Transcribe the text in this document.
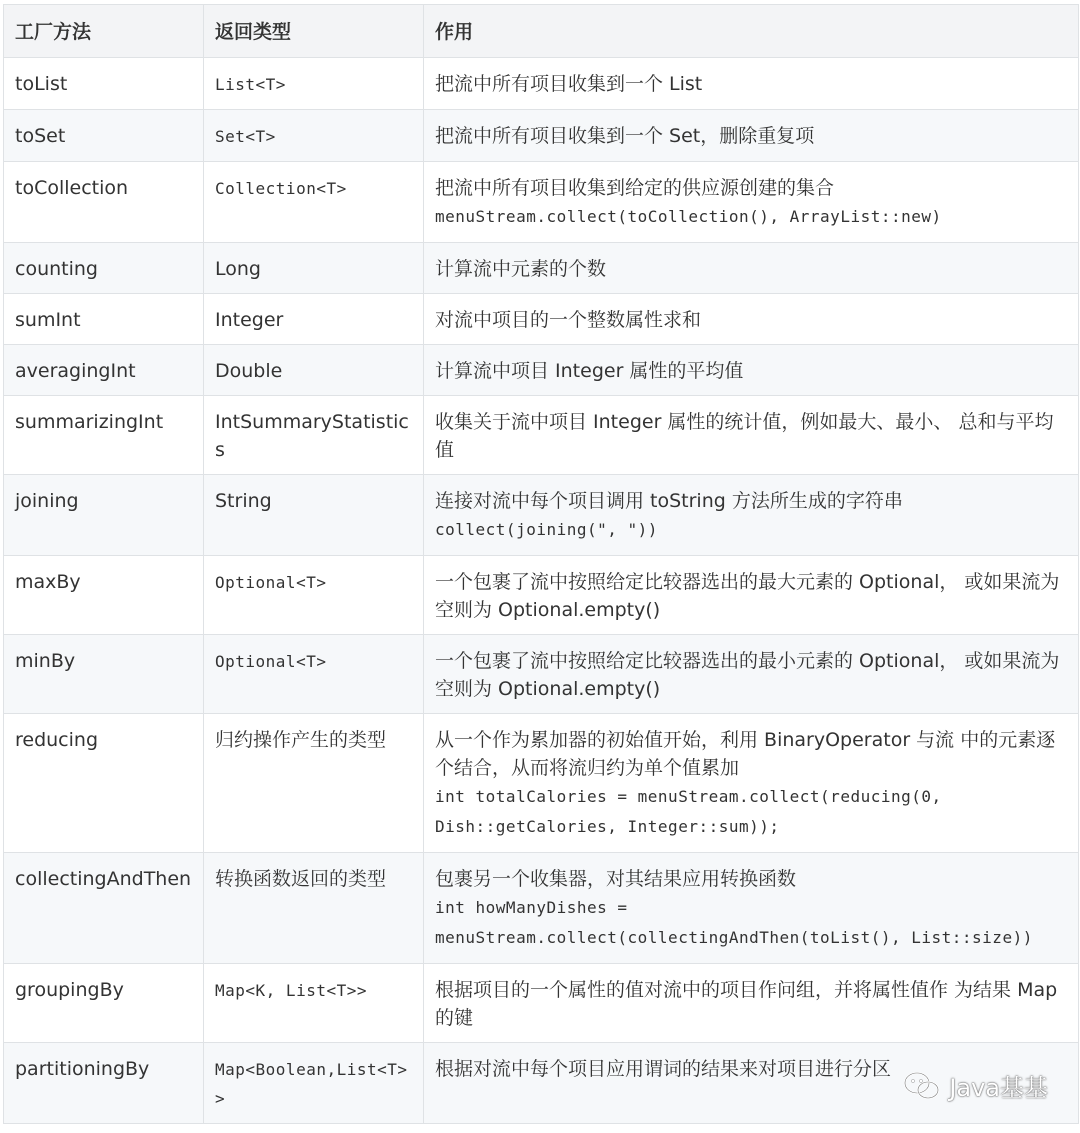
工厂方法	返回类型	作用
toList	List<T>	把流中所有项目收集到一个 List
toSet	Set<T>	把流中所有项目收集到一个 Set，删除重复项
toCollection	Collection<T>	把流中所有项目收集到给定的供应源创建的集合
menuStream.collect(toCollection(), ArrayList::new)

counting	Long	计算流中元素的个数
sumInt	Integer	对流中项目的一个整数属性求和
averagingInt	Double	计算流中项目 Integer 属性的平均值
summarizingInt	IntSummaryStatistics	收集关于流中项目 Integer 属性的统计值，例如最大、最小、 总和与平均值
joining	String	连接对流中每个项目调用 toString 方法所生成的字符串
collect(joining(", "))

maxBy	Optional<T>	一个包裹了流中按照给定比较器选出的最大元素的 Optional， 或如果流为空则为 Optional.empty()
minBy	Optional<T>	一个包裹了流中按照给定比较器选出的最小元素的 Optional， 或如果流为空则为 Optional.empty()
reducing	归约操作产生的类型	从一个作为累加器的初始值开始，利用 BinaryOperator 与流 中的元素逐个结合，从而将流归约为单个值累加
int totalCalories = menuStream.collect(reducing(0, Dish::getCalories, Integer::sum));

collectingAndThen	转换函数返回的类型	包裹另一个收集器，对其结果应用转换函数
int howManyDishes = menuStream.collect(collectingAndThen(toList(), List::size))

groupingBy	Map<K, List<T>>	根据项目的一个属性的值对流中的项目作问组，并将属性值作 为结果 Map 的键
partitioningBy	Map<Boolean,List<T>>	根据对流中每个项目应用谓词的结果来对项目进行分区
Java基基
